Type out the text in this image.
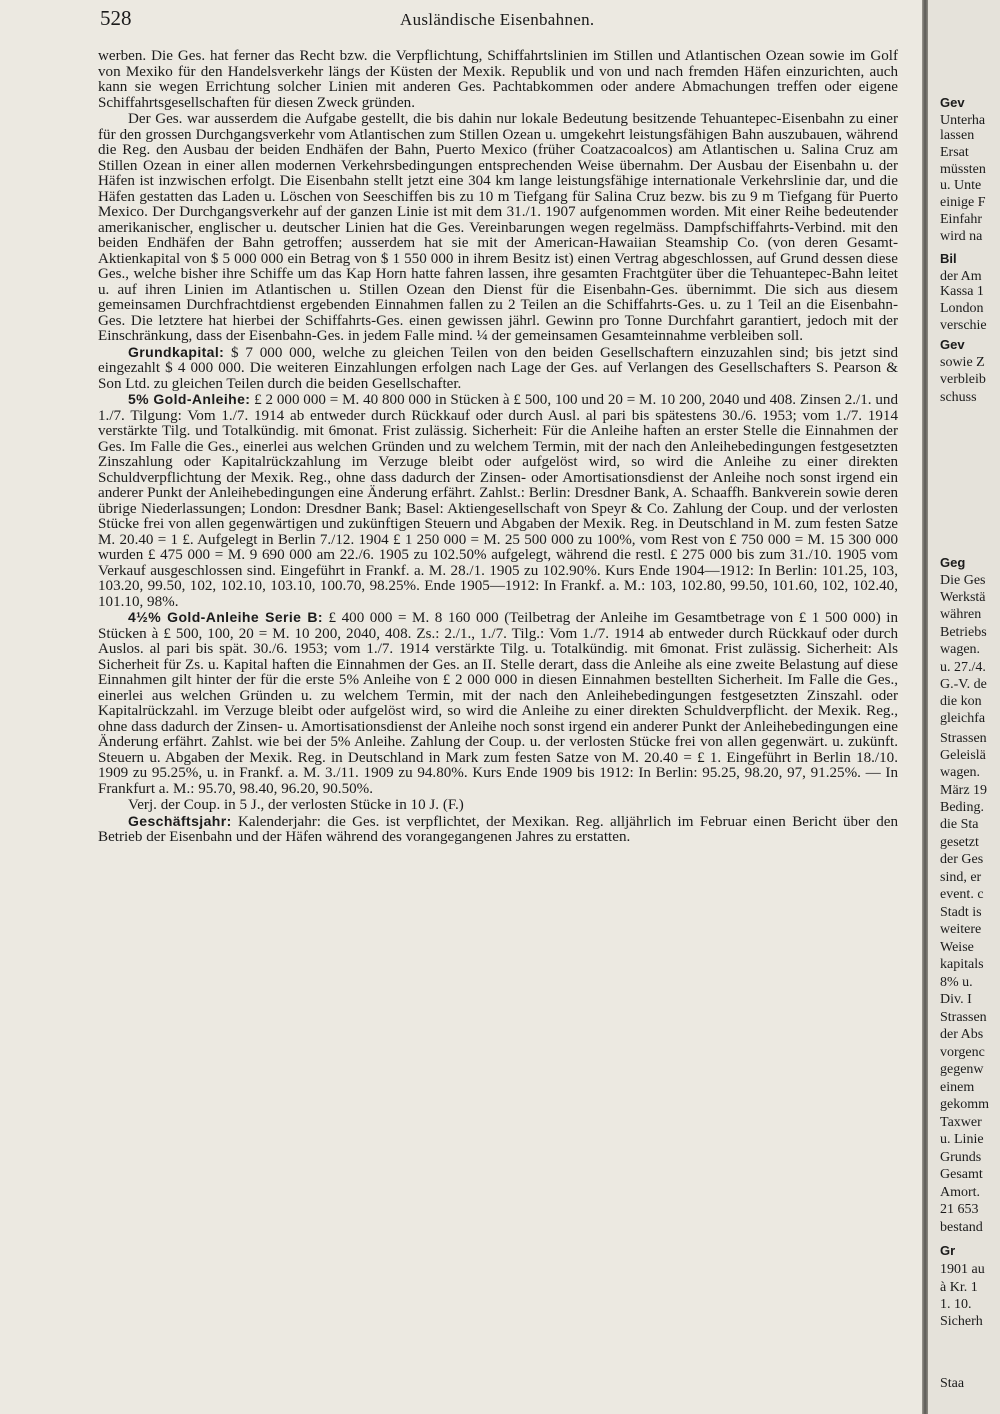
528	Ausländische Eisenbahnen.

werben. Die Ges. hat ferner das Recht bzw. die Verpflichtung, Schiffahrtslinien im Stillen und Atlantischen Ozean sowie im Golf von Mexiko für den Handelsverkehr längs der Küsten der Mexik. Republik und von und nach fremden Häfen einzurichten, auch kann sie wegen Errichtung solcher Linien mit anderen Ges. Pachtabkommen oder andere Abmachungen treffen oder eigene Schiffahrtsgesellschaften für diesen Zweck gründen.

Der Ges. war ausserdem die Aufgabe gestellt, die bis dahin nur lokale Bedeutung besitzende Tehuantepec-Eisenbahn zu einer für den grossen Durchgangsverkehr vom Atlantischen zum Stillen Ozean u. umgekehrt leistungsfähigen Bahn auszubauen, während die Reg. den Ausbau der beiden Endhäfen der Bahn, Puerto Mexico (früher Coatzacoalcos) am Atlantischen u. Salina Cruz am Stillen Ozean in einer allen modernen Verkehrsbedingungen entsprechenden Weise übernahm. Der Ausbau der Eisenbahn u. der Häfen ist inzwischen erfolgt. Die Eisenbahn stellt jetzt eine 304 km lange leistungsfähige internationale Verkehrslinie dar, und die Häfen gestatten das Laden u. Löschen von Seeschiffen bis zu 10 m Tiefgang für Salina Cruz bezw. bis zu 9 m Tiefgang für Puerto Mexico. Der Durchgangsverkehr auf der ganzen Linie ist mit dem 31./1. 1907 aufgenommen worden. Mit einer Reihe bedeutender amerikanischer, englischer u. deutscher Linien hat die Ges. Vereinbarungen wegen regelmäss. Dampfschiffahrts-Verbind. mit den beiden Endhäfen der Bahn getroffen; ausserdem hat sie mit der American-Hawaiian Steamship Co. (von deren Gesamt-Aktienkapital von $ 5 000 000 ein Betrag von $ 1 550 000 in ihrem Besitz ist) einen Vertrag abgeschlossen, auf Grund dessen diese Ges., welche bisher ihre Schiffe um das Kap Horn hatte fahren lassen, ihre gesamten Frachtgüter über die Tehuantepec-Bahn leitet u. auf ihren Linien im Atlantischen u. Stillen Ozean den Dienst für die Eisenbahn-Ges. übernimmt. Die sich aus diesem gemeinsamen Durchfrachtdienst ergebenden Einnahmen fallen zu 2 Teilen an die Schiffahrts-Ges. u. zu 1 Teil an die Eisenbahn-Ges. Die letztere hat hierbei der Schiffahrts-Ges. einen gewissen jährl. Gewinn pro Tonne Durchfahrt garantiert, jedoch mit der Einschränkung, dass der Eisenbahn-Ges. in jedem Falle mind. ¼ der gemeinsamen Gesamteinnahme verbleiben soll.

Grundkapital: $ 7 000 000, welche zu gleichen Teilen von den beiden Gesellschaftern einzuzahlen sind; bis jetzt sind eingezahlt $ 4 000 000. Die weiteren Einzahlungen erfolgen nach Lage der Ges. auf Verlangen des Gesellschafters S. Pearson & Son Ltd. zu gleichen Teilen durch die beiden Gesellschafter.

5% Gold-Anleihe: £ 2 000 000 = M. 40 800 000 in Stücken à £ 500, 100 und 20 = M. 10 200, 2040 und 408. Zinsen 2./1. und 1./7. Tilgung: Vom 1./7. 1914 ab entweder durch Rückkauf oder durch Ausl. al pari bis spätestens 30./6. 1953; vom 1./7. 1914 verstärkte Tilg. und Totalkündig. mit 6monat. Frist zulässig. Sicherheit: Für die Anleihe haften an erster Stelle die Einnahmen der Ges. Im Falle die Ges., einerlei aus welchen Gründen und zu welchem Termin, mit der nach den Anleihebedingungen festgesetzten Zinszahlung oder Kapitalrückzahlung im Verzuge bleibt oder aufgelöst wird, so wird die Anleihe zu einer direkten Schuldverpflichtung der Mexik. Reg., ohne dass dadurch der Zinsen- oder Amortisationsdienst der Anleihe noch sonst irgend ein anderer Punkt der Anleihebedingungen eine Änderung erfährt. Zahlst.: Berlin: Dresdner Bank, A. Schaaffh. Bankverein sowie deren übrige Niederlassungen; London: Dresdner Bank; Basel: Aktiengesellschaft von Speyr & Co. Zahlung der Coup. und der verlosten Stücke frei von allen gegenwärtigen und zukünftigen Steuern und Abgaben der Mexik. Reg. in Deutschland in M. zum festen Satze M. 20.40 = 1 £. Aufgelegt in Berlin 7./12. 1904 £ 1 250 000 = M. 25 500 000 zu 100%, vom Rest von £ 750 000 = M. 15 300 000 wurden £ 475 000 = M. 9 690 000 am 22./6. 1905 zu 102.50% aufgelegt, während die restl. £ 275 000 bis zum 31./10. 1905 vom Verkauf ausgeschlossen sind. Eingeführt in Frankf. a. M. 28./1. 1905 zu 102.90%. Kurs Ende 1904—1912: In Berlin: 101.25, 103, 103.20, 99.50, 102, 102.10, 103.10, 100.70, 98.25%. Ende 1905—1912: In Frankf. a. M.: 103, 102.80, 99.50, 101.60, 102, 102.40, 101.10, 98%.

4½% Gold-Anleihe Serie B: £ 400 000 = M. 8 160 000 (Teilbetrag der Anleihe im Gesamtbetrage von £ 1 500 000) in Stücken à £ 500, 100, 20 = M. 10 200, 2040, 408. Zs.: 2./1., 1./7. Tilg.: Vom 1./7. 1914 ab entweder durch Rückkauf oder durch Auslos. al pari bis spät. 30./6. 1953; vom 1./7. 1914 verstärkte Tilg. u. Totalkündig. mit 6monat. Frist zulässig. Sicherheit: Als Sicherheit für Zs. u. Kapital haften die Einnahmen der Ges. an II. Stelle derart, dass die Anleihe als eine zweite Belastung auf diese Einnahmen gilt hinter der für die erste 5% Anleihe von £ 2 000 000 in diesen Einnahmen bestellten Sicherheit. Im Falle die Ges., einerlei aus welchen Gründen u. zu welchem Termin, mit der nach den Anleihebedingungen festgesetzten Zinszahl. oder Kapitalrückzahl. im Verzuge bleibt oder aufgelöst wird, so wird die Anleihe zu einer direkten Schuldverpflicht. der Mexik. Reg., ohne dass dadurch der Zinsen- u. Amortisationsdienst der Anleihe noch sonst irgend ein anderer Punkt der Anleihebedingungen eine Änderung erfährt. Zahlst. wie bei der 5% Anleihe. Zahlung der Coup. u. der verlosten Stücke frei von allen gegenwärt. u. zukünft. Steuern u. Abgaben der Mexik. Reg. in Deutschland in Mark zum festen Satze von M. 20.40 = £ 1. Eingeführt in Berlin 18./10. 1909 zu 95.25%, u. in Frankf. a. M. 3./11. 1909 zu 94.80%. Kurs Ende 1909 bis 1912: In Berlin: 95.25, 98.20, 97, 91.25%. — In Frankfurt a. M.: 95.70, 98.40, 96.20, 90.50%.

Verj. der Coup. in 5 J., der verlosten Stücke in 10 J. (F.)

Geschäftsjahr: Kalenderjahr: die Ges. ist verpflichtet, der Mexikan. Reg. alljährlich im Februar einen Bericht über den Betrieb der Eisenbahn und der Häfen während des vorangegangenen Jahres zu erstatten.

Gev
Unterha
lassen
Ersat
müssten
u. Unte
einige F
Einfahr
wird na
Bil
der Am
Kassa 1
London
verschie
Gev
sowie Z
verbleib
schuss
Geg
Die Ges
Werkstä
währen
Betriebs
wagen.
u. 27./4.
G.-V. de
die kon
gleichfa
Strassen
Geleislä
wagen.
März 19
Beding.
die Sta
gesetzt
der Ges
sind, er
event. c
Stadt is
weitere
Weise
kapitals
8% u.
Div. I
Strassen
der Abs
vorgenc
gegenw
einem
gekomm
Taxwer
u. Linie
Grunds
Gesamt
Amort.
21 653
bestand
Gr
1901 au
à Kr. 1
1. 10.
Sicherh
Staa
